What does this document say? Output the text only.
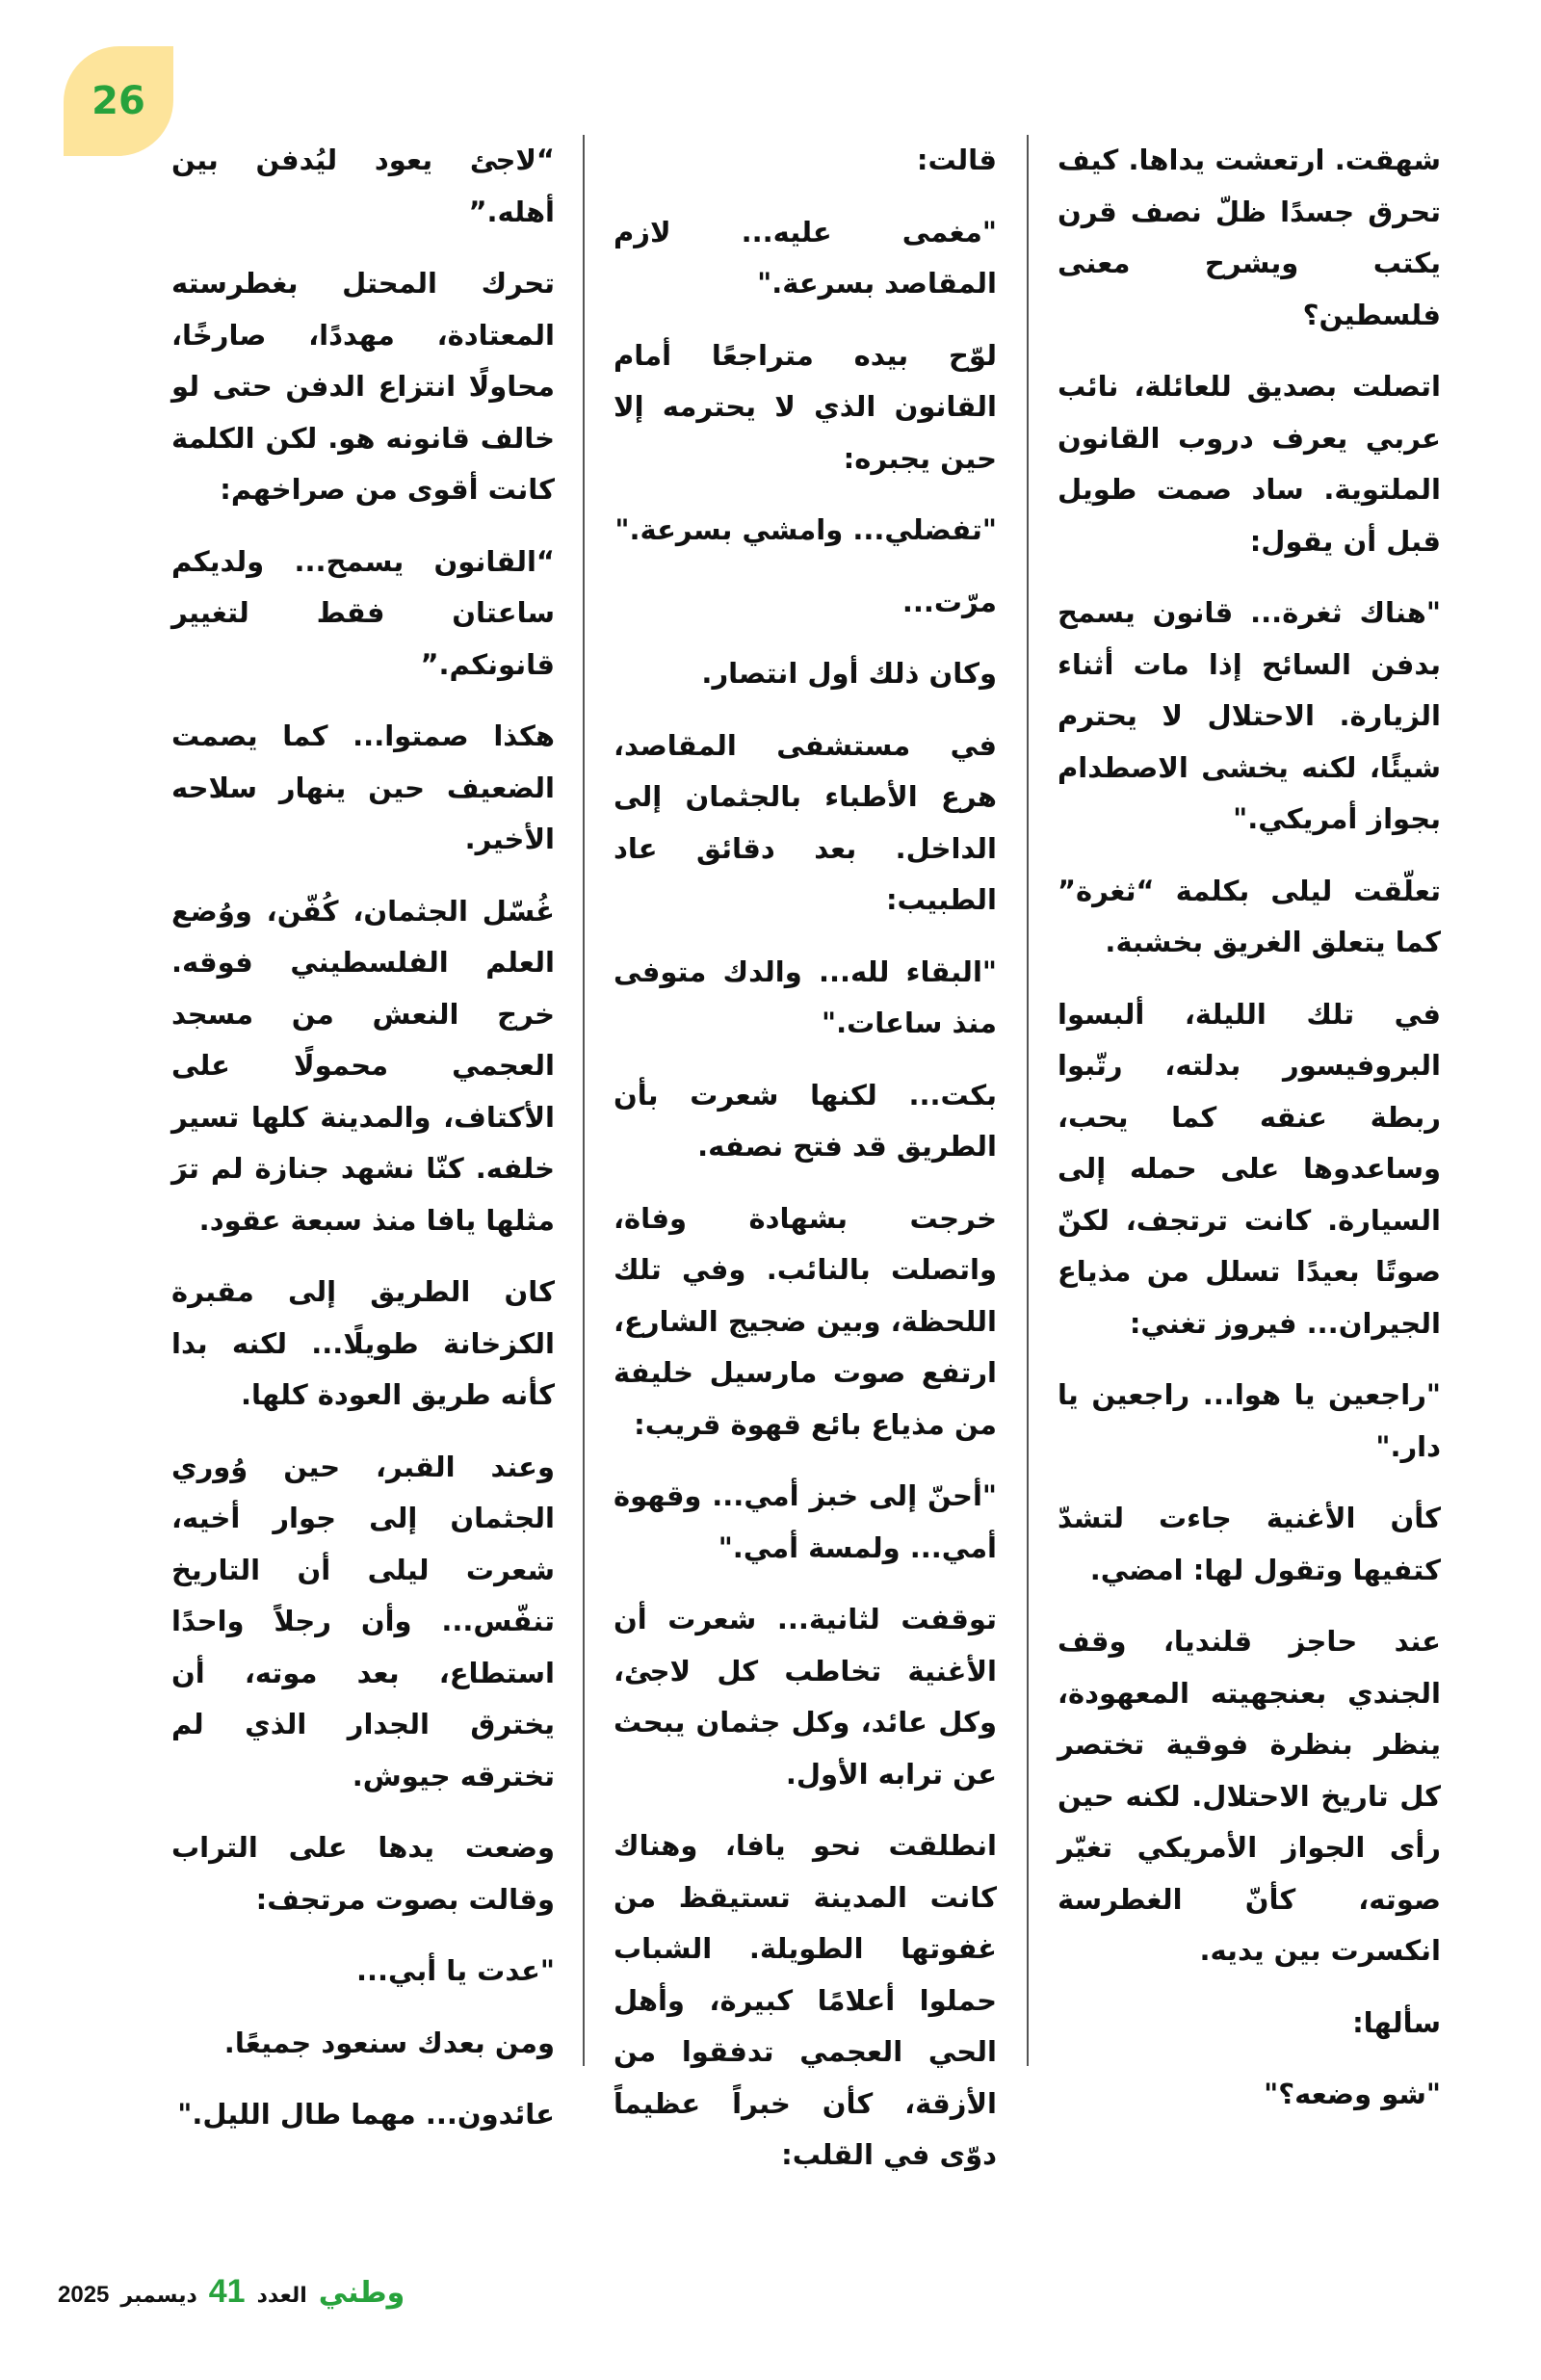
26

شهقت. ارتعشت يداها. كيف تحرق جسدًا ظلّ نصف قرن يكتب ويشرح معنى فلسطين؟

اتصلت بصديق للعائلة، نائب عربي يعرف دروب القانون الملتوية. ساد صمت طويل قبل أن يقول:

"هناك ثغرة... قانون يسمح بدفن السائح إذا مات أثناء الزيارة. الاحتلال لا يحترم شيئًا، لكنه يخشى الاصطدام بجواز أمريكي."

تعلّقت ليلى بكلمة “ثغرة” كما يتعلق الغريق بخشبة.

في تلك الليلة، ألبسوا البروفيسور بدلته، رتّبوا ربطة عنقه كما يحب، وساعدوها على حمله إلى السيارة. كانت ترتجف، لكنّ صوتًا بعيدًا تسلل من مذياع الجيران... فيروز تغني:

"راجعين يا هوا... راجعين يا دار."

كأن الأغنية جاءت لتشدّ كتفيها وتقول لها: امضي.

عند حاجز قلنديا، وقف الجندي بعنجهيته المعهودة، ينظر بنظرة فوقية تختصر كل تاريخ الاحتلال. لكنه حين رأى الجواز الأمريكي تغيّر صوته، كأنّ الغطرسة انكسرت بين يديه.

سألها:

"شو وضعه؟"

قالت:

"مغمى عليه... لازم المقاصد بسرعة."

لوّح بيده متراجعًا أمام القانون الذي لا يحترمه إلا حين يجبره:

"تفضلي... وامشي بسرعة."

مرّت...

وكان ذلك أول انتصار.

في مستشفى المقاصد، هرع الأطباء بالجثمان إلى الداخل. بعد دقائق عاد الطبيب:

"البقاء لله... والدك متوفى منذ ساعات."

بكت... لكنها شعرت بأن الطريق قد فتح نصفه.

خرجت بشهادة وفاة، واتصلت بالنائب. وفي تلك اللحظة، وبين ضجيج الشارع، ارتفع صوت مارسيل خليفة من مذياع بائع قهوة قريب:

"أحنّ إلى خبز أمي... وقهوة أمي... ولمسة أمي."

توقفت لثانية... شعرت أن الأغنية تخاطب كل لاجئ، وكل عائد، وكل جثمان يبحث عن ترابه الأول.

انطلقت نحو يافا، وهناك كانت المدينة تستيقظ من غفوتها الطويلة. الشباب حملوا أعلامًا كبيرة، وأهل الحي العجمي تدفقوا من الأزقة، كأن خبراً عظيماً دوّى في القلب:

“لاجئ يعود ليُدفن بين أهله.”

تحرك المحتل بغطرسته المعتادة، مهددًا، صارخًا، محاولًا انتزاع الدفن حتى لو خالف قانونه هو. لكن الكلمة كانت أقوى من صراخهم:

“القانون يسمح... ولديكم ساعتان فقط لتغيير قانونكم.”

هكذا صمتوا... كما يصمت الضعيف حين ينهار سلاحه الأخير.

غُسّل الجثمان، كُفّن، ووُضع العلم الفلسطيني فوقه. خرج النعش من مسجد العجمي محمولًا على الأكتاف، والمدينة كلها تسير خلفه. كنّا نشهد جنازة لم ترَ مثلها يافا منذ سبعة عقود.

كان الطريق إلى مقبرة الكزخانة طويلًا... لكنه بدا كأنه طريق العودة كلها.

وعند القبر، حين وُوري الجثمان إلى جوار أخيه، شعرت ليلى أن التاريخ تنفّس... وأن رجلاً واحدًا استطاع، بعد موته، أن يخترق الجدار الذي لم تخترقه جيوش.

وضعت يدها على التراب وقالت بصوت مرتجف:

"عدت يا أبي...

ومن بعدك سنعود جميعًا.

عائدون... مهما طال الليل."

وطني
العدد
41
ديسمبر
2025
